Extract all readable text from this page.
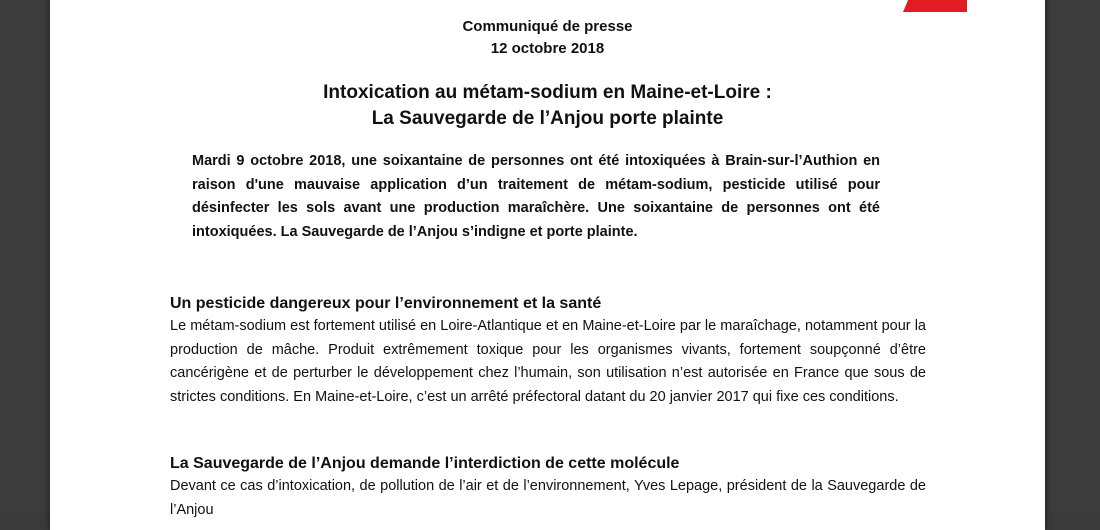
Communiqué de presse
12 octobre 2018
Intoxication au métam-sodium en Maine-et-Loire :
La Sauvegarde de l’Anjou porte plainte
Mardi 9 octobre 2018, une soixantaine de personnes ont été intoxiquées à Brain-sur-l’Authion en raison d'une mauvaise application d’un traitement de métam-sodium, pesticide utilisé pour désinfecter les sols avant une production maraîchère. Une soixantaine de personnes ont été intoxiquées. La Sauvegarde de l’Anjou s’indigne et porte plainte.
Un pesticide dangereux pour l’environnement et la santé
Le métam-sodium est fortement utilisé en Loire-Atlantique et en Maine-et-Loire par le maraîchage, notamment pour la production de mâche. Produit extrêmement toxique pour les organismes vivants, fortement soupçonné d’être cancérigène et de perturber le développement chez l’humain, son utilisation n’est autorisée en France que sous de strictes conditions. En Maine-et-Loire, c’est un arrêté préfectoral datant du 20 janvier 2017 qui fixe ces conditions.
La Sauvegarde de l’Anjou demande l’interdiction de cette molécule
Devant ce cas d’intoxication, de pollution de l’air et de l’environnement, Yves Lepage, président de la Sauvegarde de l’Anjou
